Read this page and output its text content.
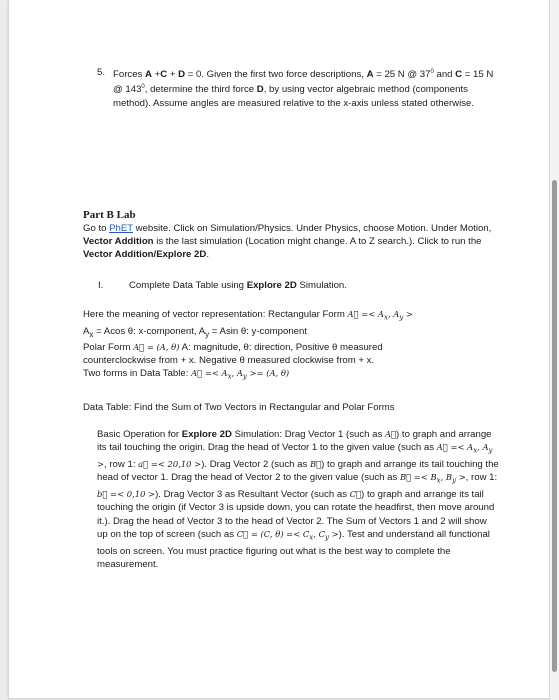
5. Forces A +C + D = 0. Given the first two force descriptions, A = 25 N @ $37^0$ and C = 15 N @ $143^0$, determine the third force D, by using vector algebraic method (components method). Assume angles are measured relative to the x-axis unless stated otherwise.
Part B Lab
Go to PhET website. Click on Simulation/Physics. Under Physics, choose Motion. Under Motion, Vector Addition is the last simulation (Location might change. A to Z search.). Click to run the Vector Addition/Explore 2D.
I.	Complete Data Table using Explore 2D Simulation.
Here the meaning of vector representation: Rectangular Form A⃗ =< $A_x$, $A_y$ >
$A_x = Acos$ θ: x-component, $A_y = Asin$ θ: y-component
Polar Form A⃗ = (A, θ) A: magnitude, θ: direction, Positive θ measured
counterclockwise from + x. Negative θ measured clockwise from + x.
Two forms in Data Table: A⃗ =< $A_x$, $A_y >= (A$, θ)
Data Table: Find the Sum of Two Vectors in Rectangular and Polar Forms
Basic Operation for Explore 2D Simulation: Drag Vector 1 (such as A⃗) to graph and arrange its tail touching the origin. Drag the head of Vector 1 to the given value (such as A⃗ =< $A_x$, $A_y$ >, row 1: a⃗ =< 20,10 >). Drag Vector 2 (such as B⃗) to graph and arrange its tail touching the head of vector 1. Drag the head of Vector 2 to the given value (such as B⃗ =< $B_x$, $B_y$ >, row 1: b⃗ =< 0,10 >). Drag Vector 3 as Resultant Vector (such as C⃗) to graph and arrange its tail touching the origin (if Vector 3 is upside down, you can rotate the headfirst, then move around it.). Drag the head of Vector 3 to the head of Vector 2. The Sum of Vectors 1 and 2 will show up on the top of screen (such as C⃗ = (C, $\theta) =< C_x$, $C_y$ >). Test and understand all functional tools on screen. You must practice figuring out what is the best way to complete the measurement.
